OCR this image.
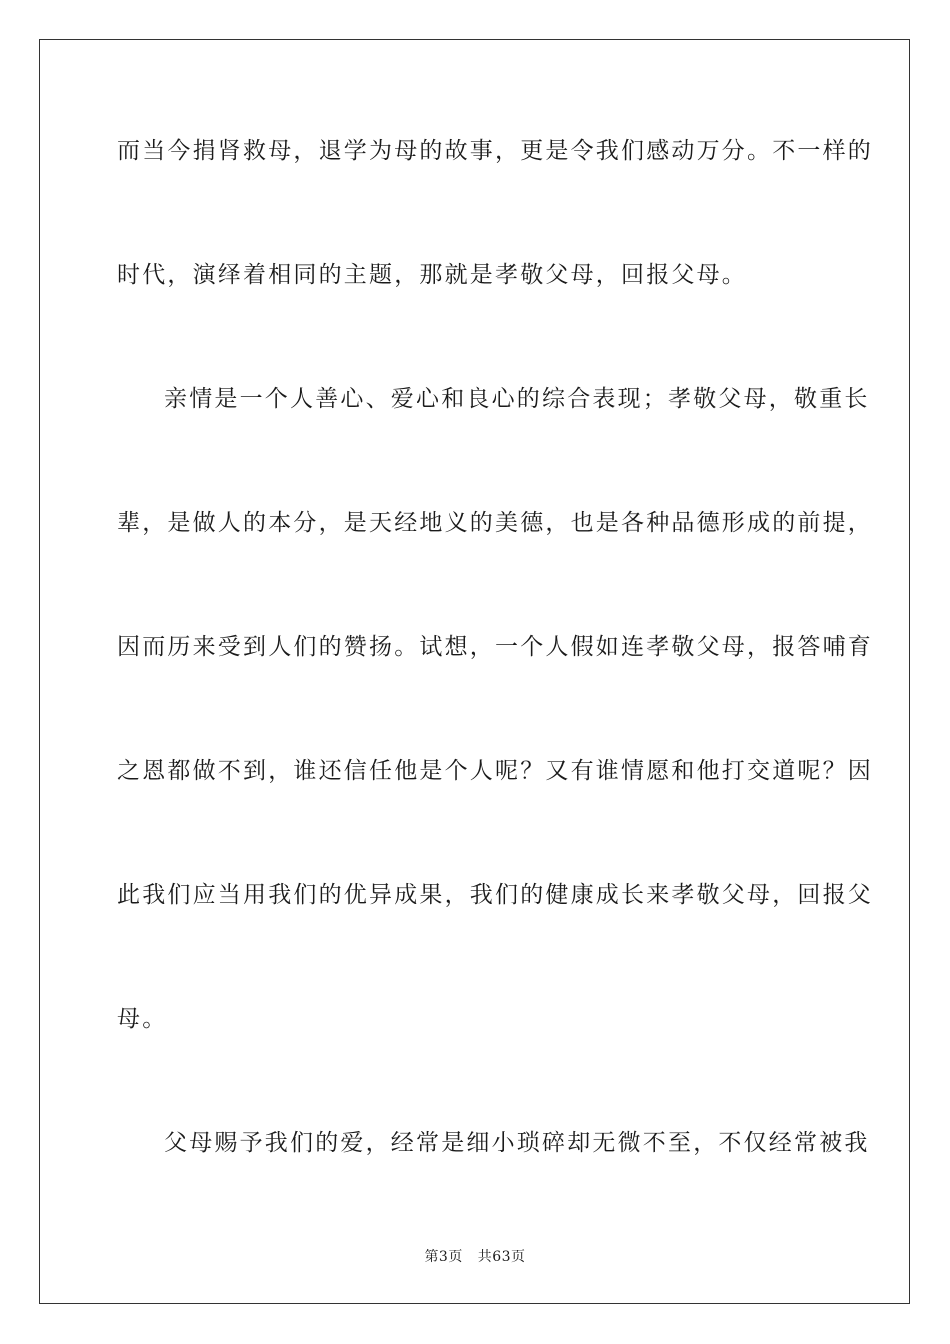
而当今捐肾救母，退学为母的故事，更是令我们感动万分。不一样的
时代，演绎着相同的主题，那就是孝敬父母，回报父母。
亲情是一个人善心、爱心和良心的综合表现；孝敬父母，敬重长
辈，是做人的本分，是天经地义的美德，也是各种品德形成的前提，
因而历来受到人们的赞扬。试想，一个人假如连孝敬父母，报答哺育
之恩都做不到，谁还信任他是个人呢？又有谁情愿和他打交道呢？因
此我们应当用我们的优异成果，我们的健康成长来孝敬父母，回报父
母。
父母赐予我们的爱，经常是细小琐碎却无微不至，不仅经常被我
第3页 共63页
